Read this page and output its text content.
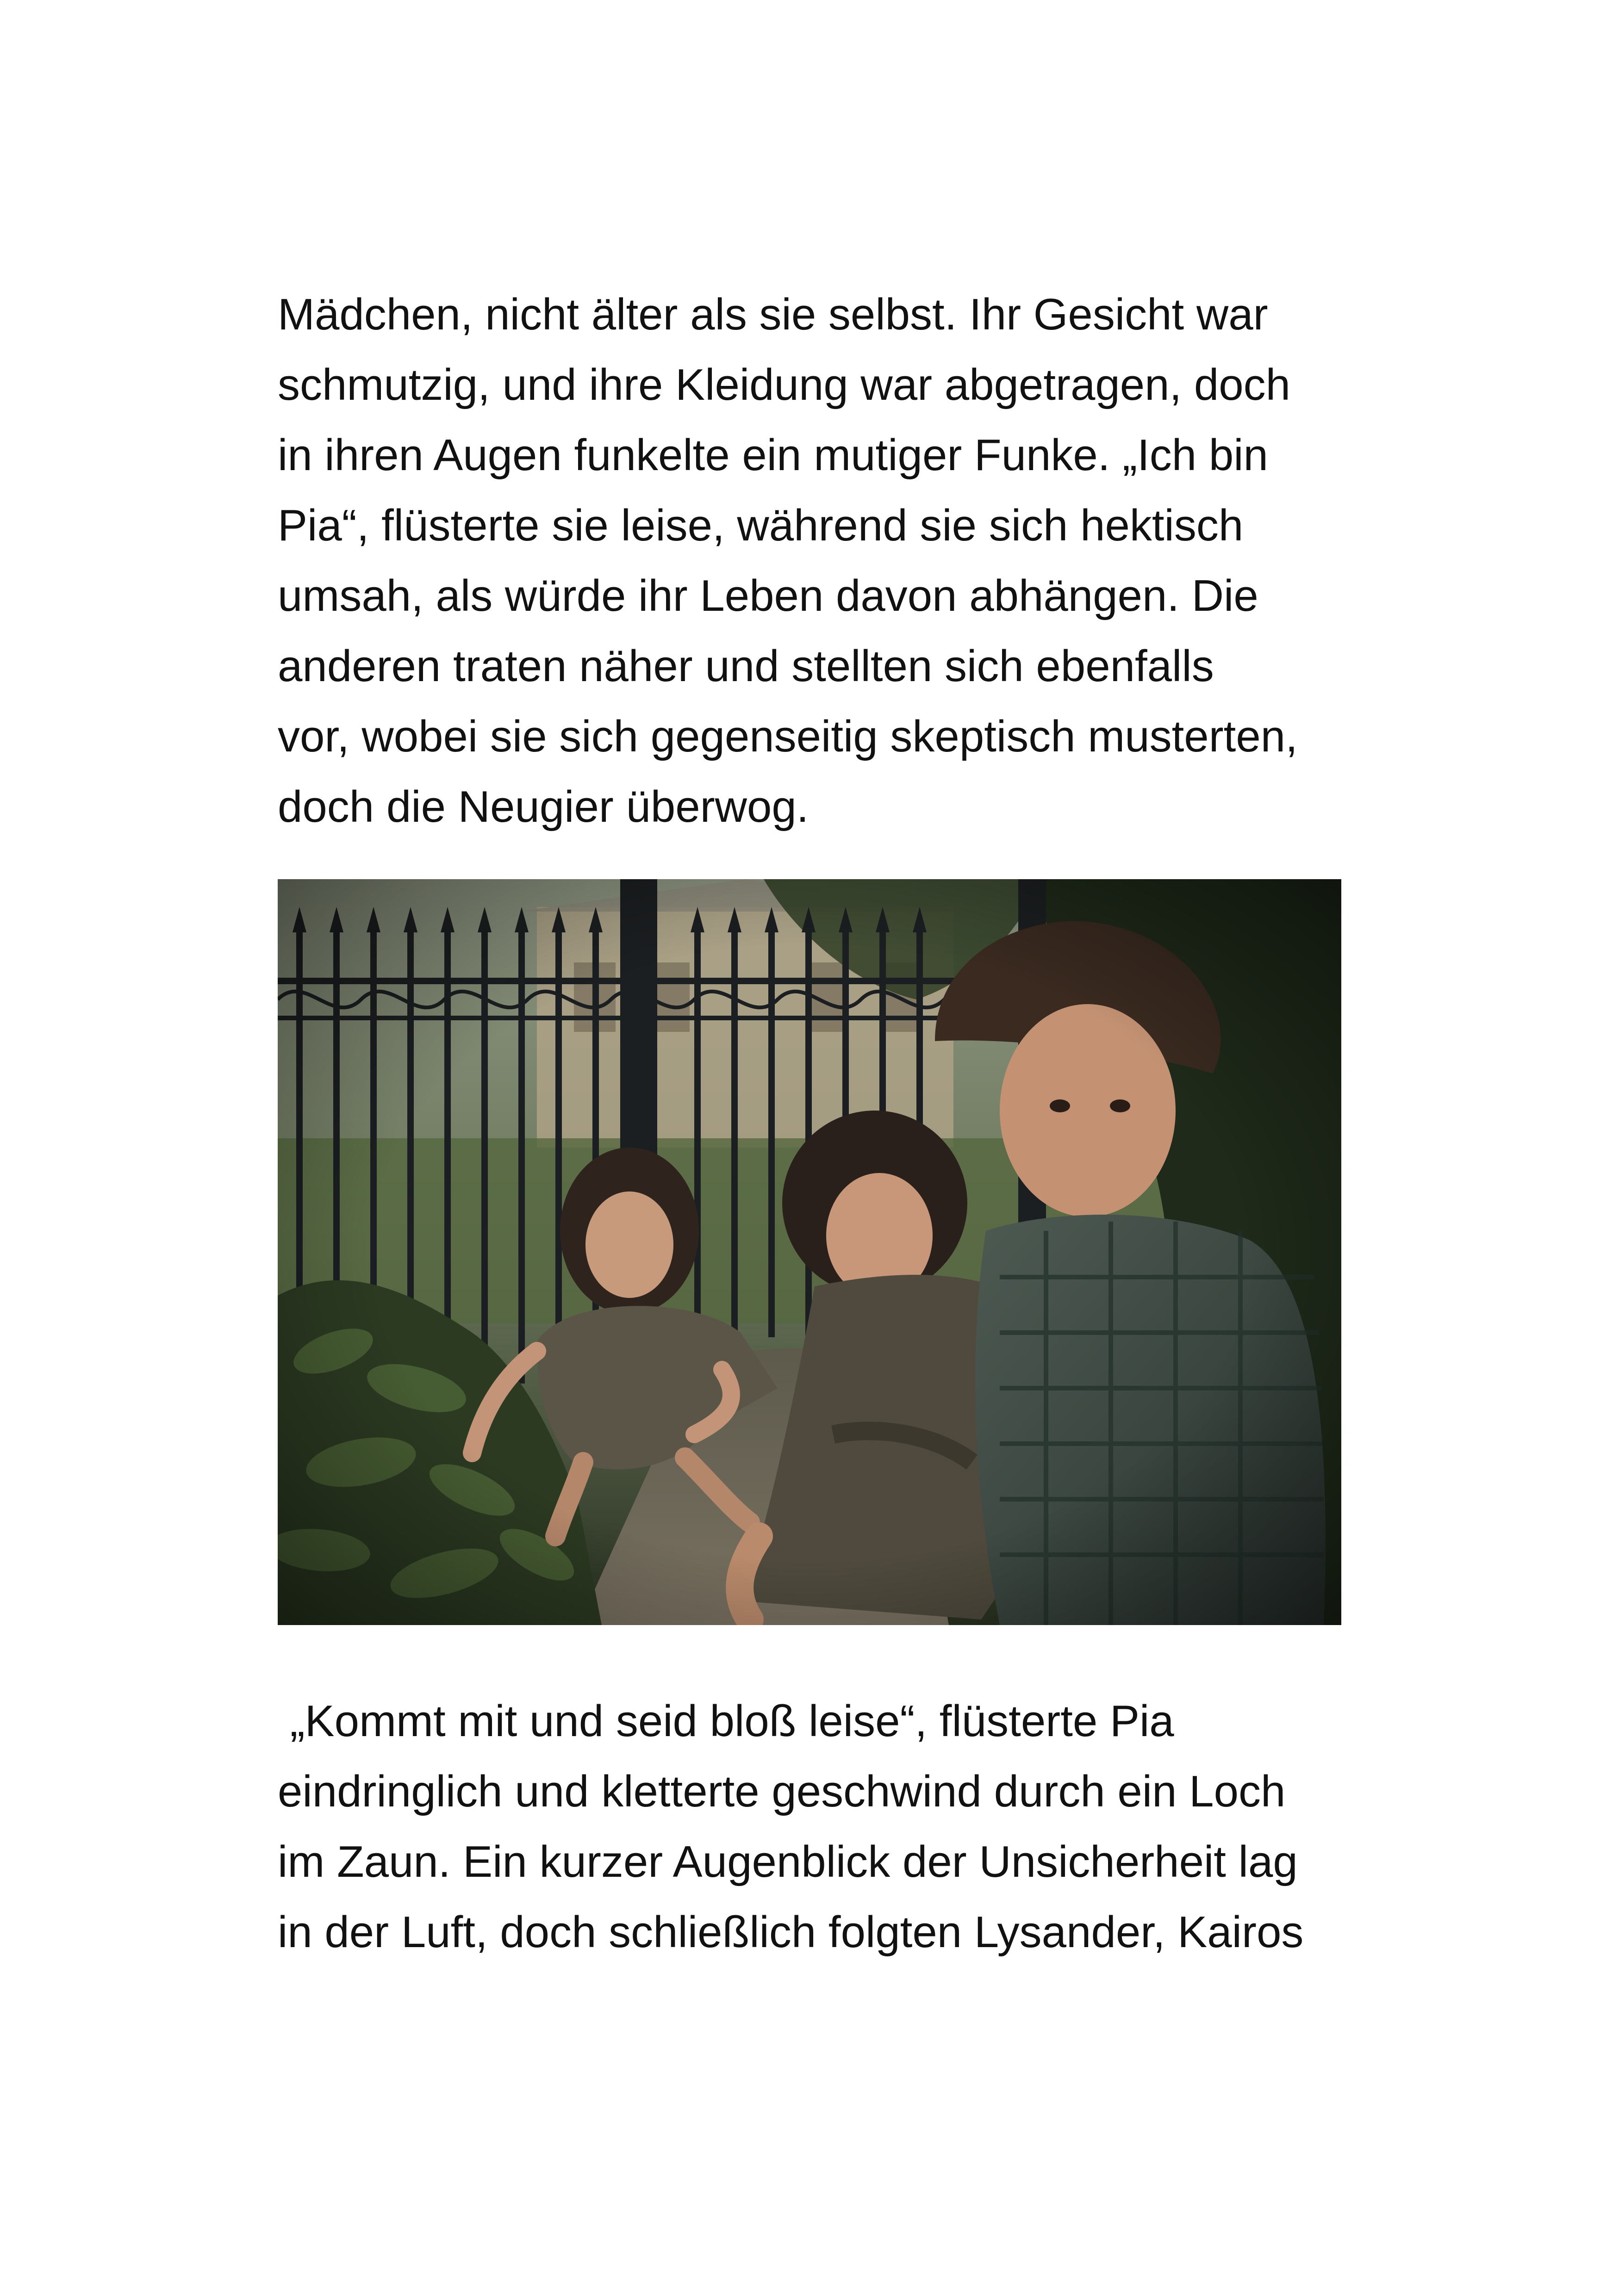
Mädchen, nicht älter als sie selbst. Ihr Gesicht war
schmutzig, und ihre Kleidung war abgetragen, doch
in ihren Augen funkelte ein mutiger Funke. „Ich bin
Pia“, flüsterte sie leise, während sie sich hektisch
umsah, als würde ihr Leben davon abhängen. Die
anderen traten näher und stellten sich ebenfalls
vor, wobei sie sich gegenseitig skeptisch musterten,
doch die Neugier überwog.

„Kommt mit und seid bloß leise“, flüsterte Pia
eindringlich und kletterte geschwind durch ein Loch
im Zaun. Ein kurzer Augenblick der Unsicherheit lag
in der Luft, doch schließlich folgten Lysander, Kairos
